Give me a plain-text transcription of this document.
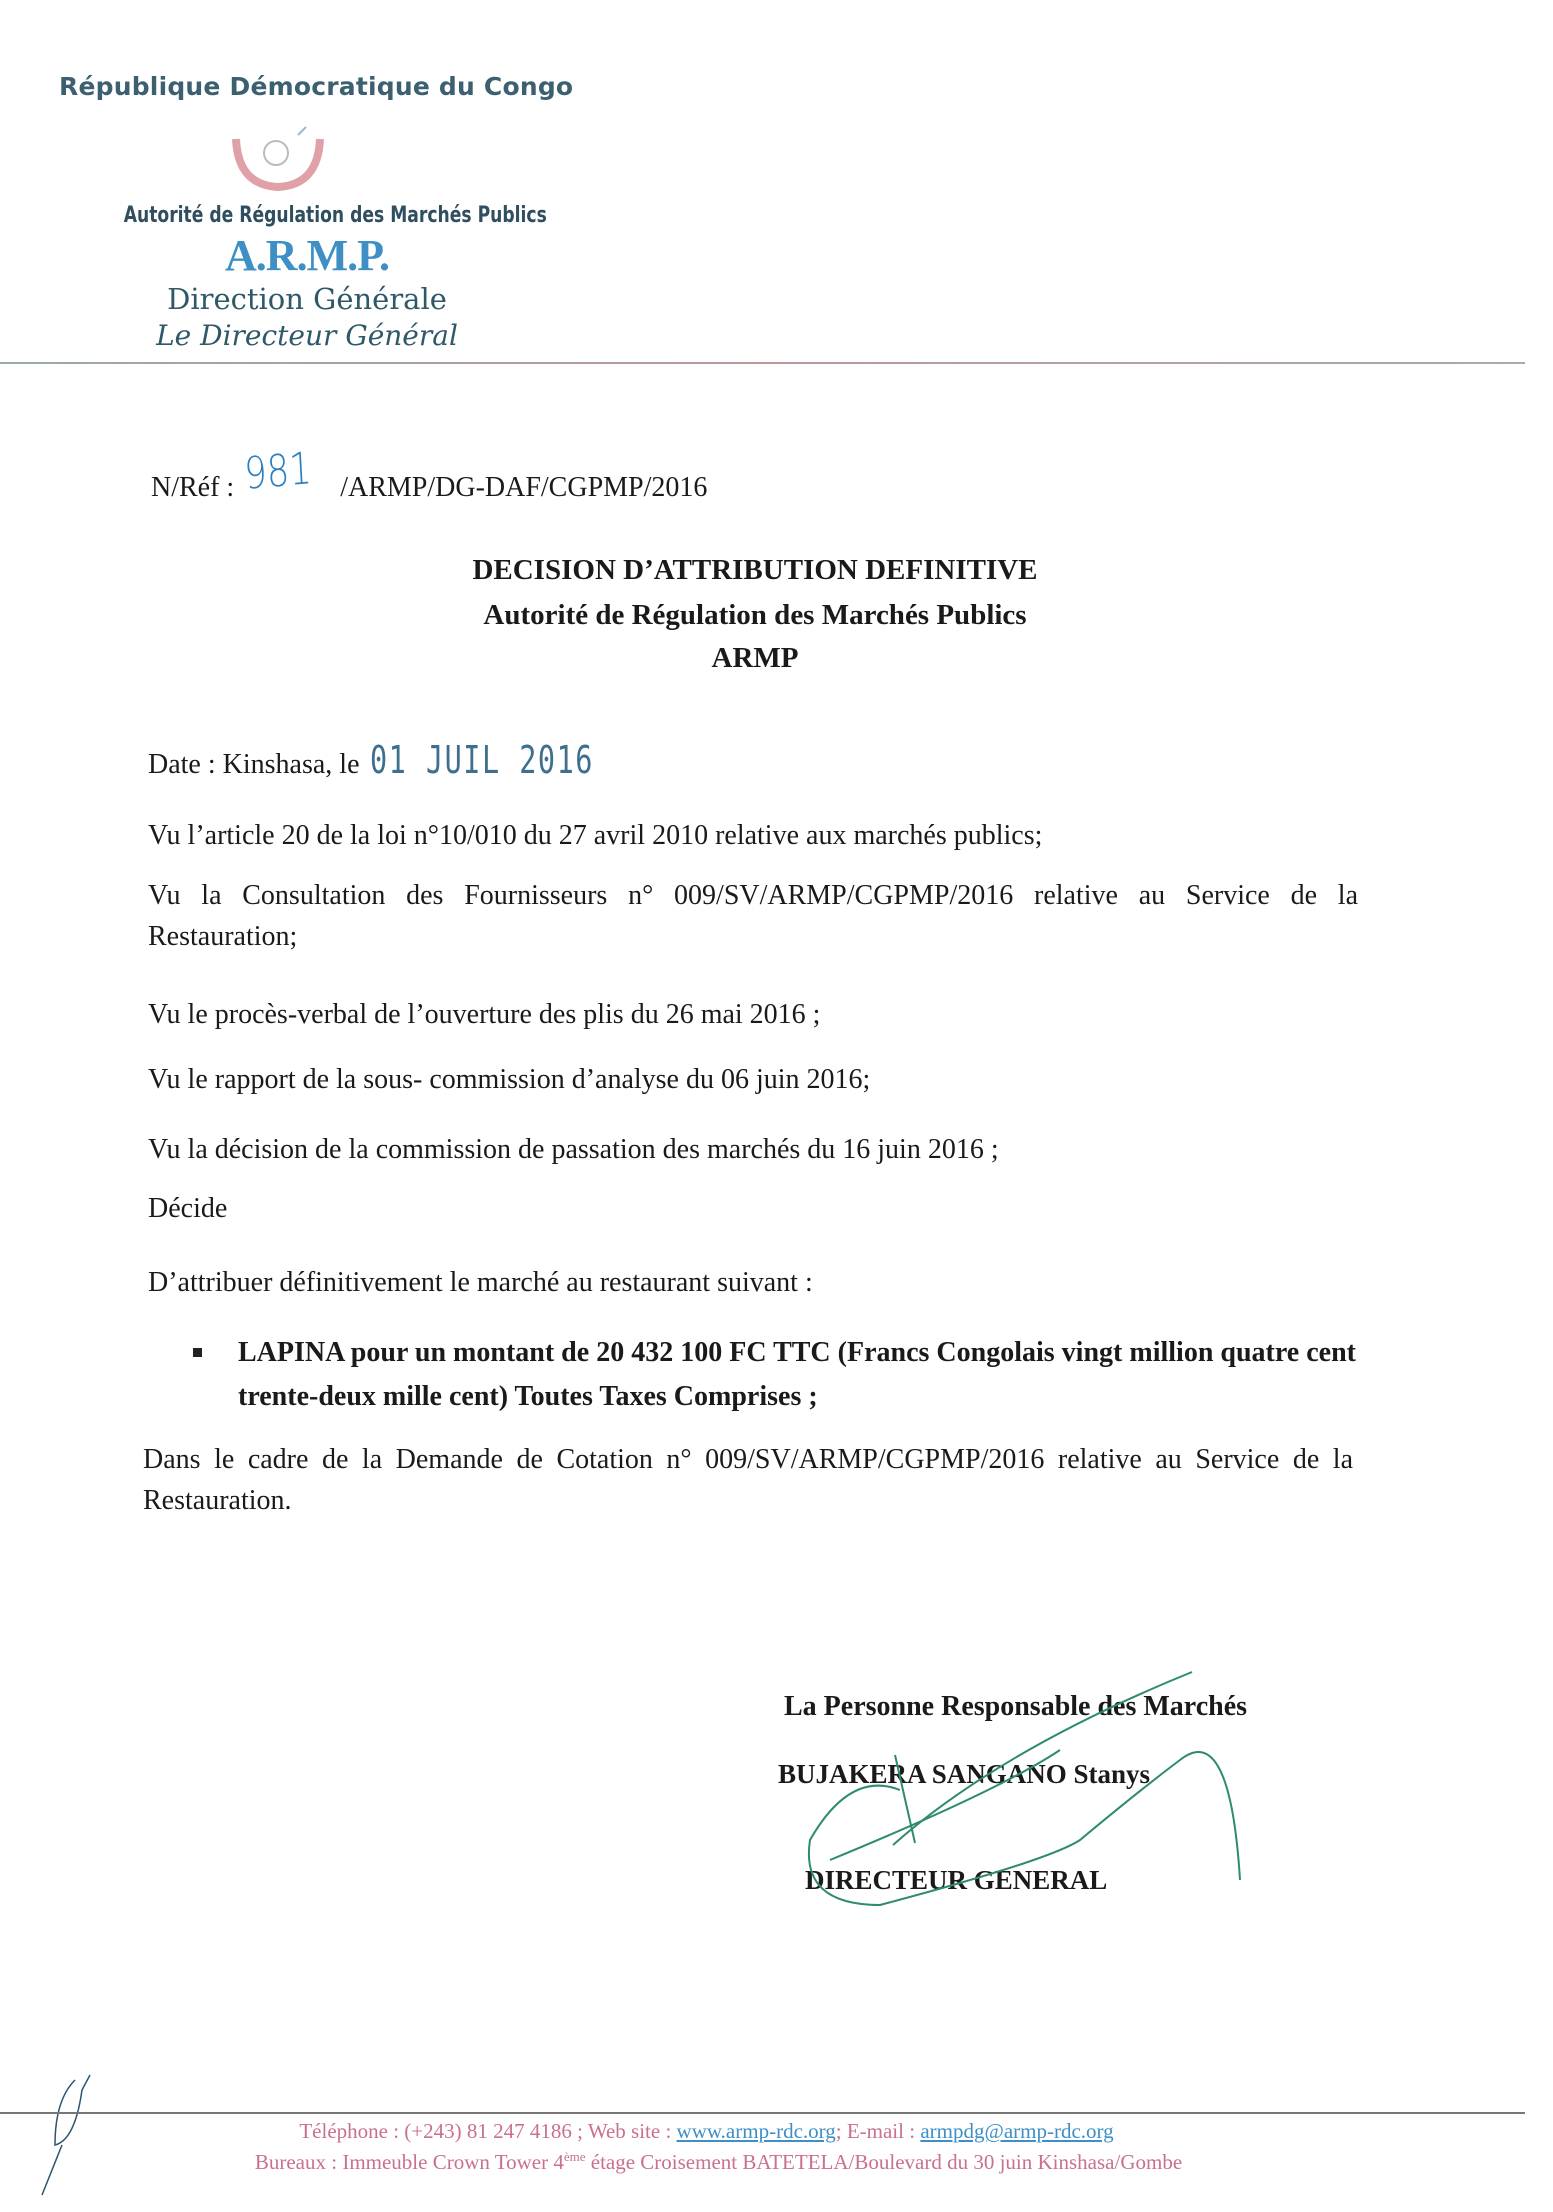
République Démocratique du Congo
Autorité de Régulation des Marchés Publics
A.R.M.P.
Direction Générale
Le Directeur Général
N/Réf : 981 /ARMP/DG-DAF/CGPMP/2016
DECISION D’ATTRIBUTION DEFINITIVE
Autorité de Régulation des Marchés Publics
ARMP
Date : Kinshasa, le 01 JUIL 2016
Vu l’article 20 de la loi n°10/010 du 27 avril 2010 relative aux marchés publics;
Vu la Consultation des Fournisseurs n° 009/SV/ARMP/CGPMP/2016 relative au Service de la Restauration;
Vu le procès-verbal de l’ouverture des plis du 26 mai 2016 ;
Vu le rapport de la sous- commission d’analyse du 06 juin 2016;
Vu la décision de la commission de passation des marchés du 16 juin 2016 ;
Décide
D’attribuer définitivement le marché au restaurant suivant :
LAPINA pour un montant de 20 432 100 FC TTC (Francs Congolais vingt million quatre cent trente-deux mille cent) Toutes Taxes Comprises ;
Dans le cadre de la Demande de Cotation n° 009/SV/ARMP/CGPMP/2016 relative au Service de la Restauration.
La Personne Responsable des Marchés
BUJAKERA SANGANO Stanys
DIRECTEUR GENERAL
Téléphone : (+243) 81 247 4186 ; Web site : www.armp-rdc.org; E-mail : armpdg@armp-rdc.org
Bureaux : Immeuble Crown Tower 4ème étage Croisement BATETELA/Boulevard du 30 juin Kinshasa/Gombe
